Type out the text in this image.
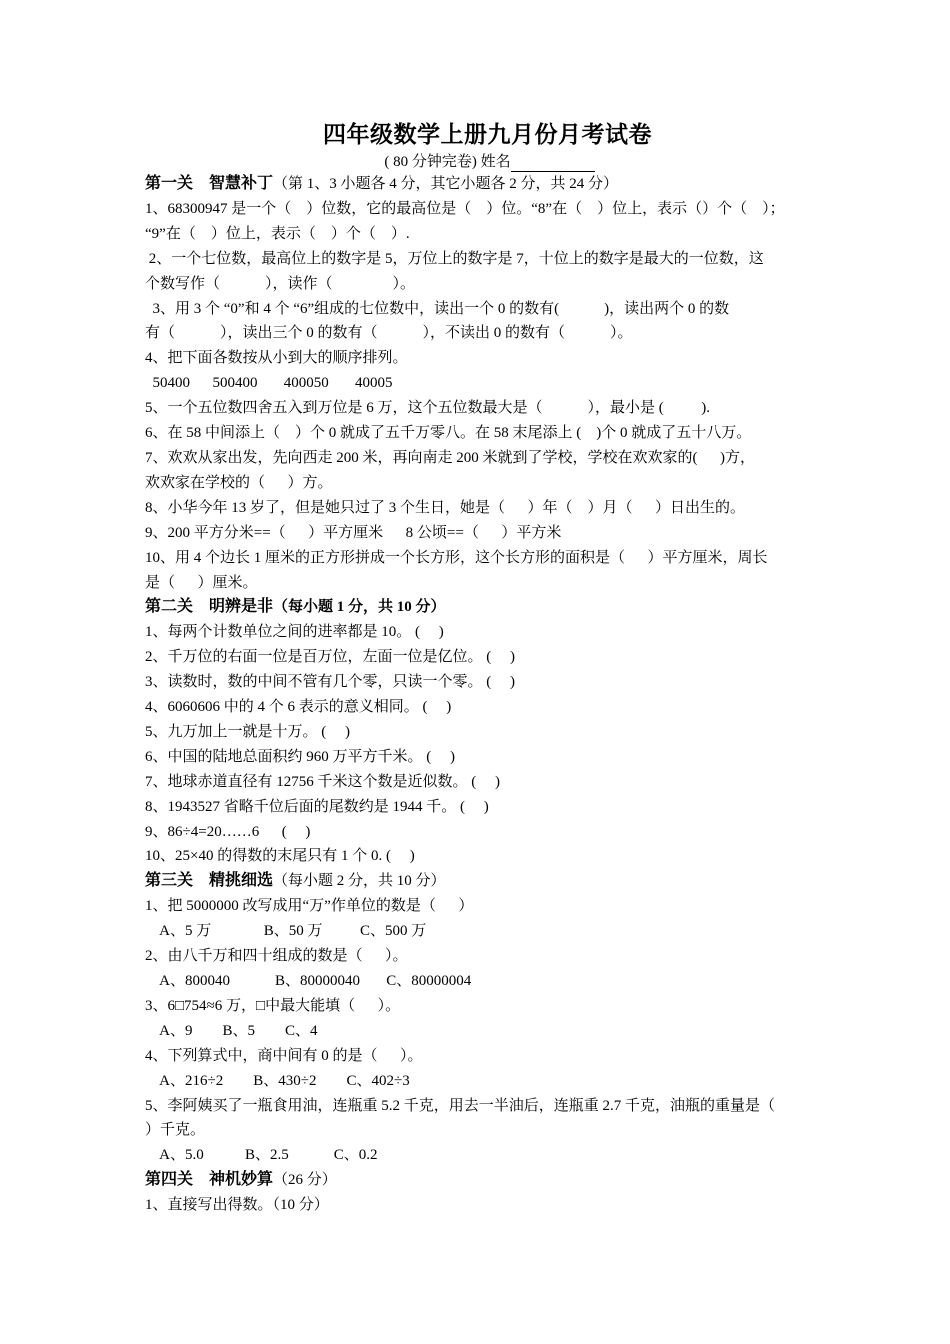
四年级数学上册九月份月考试卷
( 80 分钟完卷) 姓名
第一关    智慧补丁（第 1、3 小题各 4 分，其它小题各 2 分，共 24 分）
1、68300947 是一个（    ）位数，它的最高位是（    ）位。“8”在（    ）位上，表示（）个（    ）；
“9”在（    ）位上，表示（    ）个（    ）.
2、一个七位数，最高位上的数字是 5，万位上的数字是 7，十位上的数字是最大的一位数，这
个数写作（            ），读作（                ）。
3、用 3 个 “0”和 4 个 “6”组成的七位数中，读出一个 0 的数有(            )，读出两个 0 的数
有（            ），读出三个 0 的数有（            ），不读出 0 的数有（            ）。
4、把下面各数按从小到大的顺序排列。
50400      500400       400050       40005
5、一个五位数四舍五入到万位是 6 万，这个五位数最大是（            ），最小是 (          ).
6、在 58 中间添上（    ）个 0 就成了五千万零八。在 58 末尾添上 (    )个 0 就成了五十八万。
7、欢欢从家出发，先向西走 200 米，再向南走 200 米就到了学校，学校在欢欢家的(      )方，
欢欢家在学校的（      ）方。
8、小华今年 13 岁了，但是她只过了 3 个生日，她是（      ）年（    ）月（      ）日出生的。
9、200 平方分米==（      ）平方厘米      8 公顷==（      ）平方米
10、用 4 个边长 1 厘米的正方形拼成一个长方形，这个长方形的面积是（      ）平方厘米，周长
是（      ）厘米。
第二关    明辨是非（每小题 1 分，共 10 分）
1、每两个计数单位之间的进率都是 10。 (     )
2、千万位的右面一位是百万位，左面一位是亿位。 (     )
3、读数时，数的中间不管有几个零，只读一个零。 (     )
4、6060606 中的 4 个 6 表示的意义相同。 (     )
5、九万加上一就是十万。 (     )
6、中国的陆地总面积约 960 万平方千米。 (     )
7、地球赤道直径有 12756 千米这个数是近似数。 (     )
8、1943527 省略千位后面的尾数约是 1944 千。 (     )
9、86÷4=20……6      (     )
10、25×40 的得数的末尾只有 1 个 0. (     )
第三关    精挑细选（每小题 2 分，共 10 分）
1、把 5000000 改写成用“万”作单位的数是（      ）
A、5 万              B、50 万          C、500 万
2、由八千万和四十组成的数是（      ）。
A、800040            B、80000040       C、80000004
3、6□754≈6 万，□中最大能填（      ）。
A、9        B、5        C、4
4、下列算式中，商中间有 0 的是（      ）。
A、216÷2        B、430÷2        C、402÷3
5、李阿姨买了一瓶食用油，连瓶重 5.2 千克，用去一半油后，连瓶重 2.7 千克，油瓶的重量是（
）千克。
A、5.0           B、2.5            C、0.2
第四关    神机妙算（26 分）
1、直接写出得数。（10 分）
